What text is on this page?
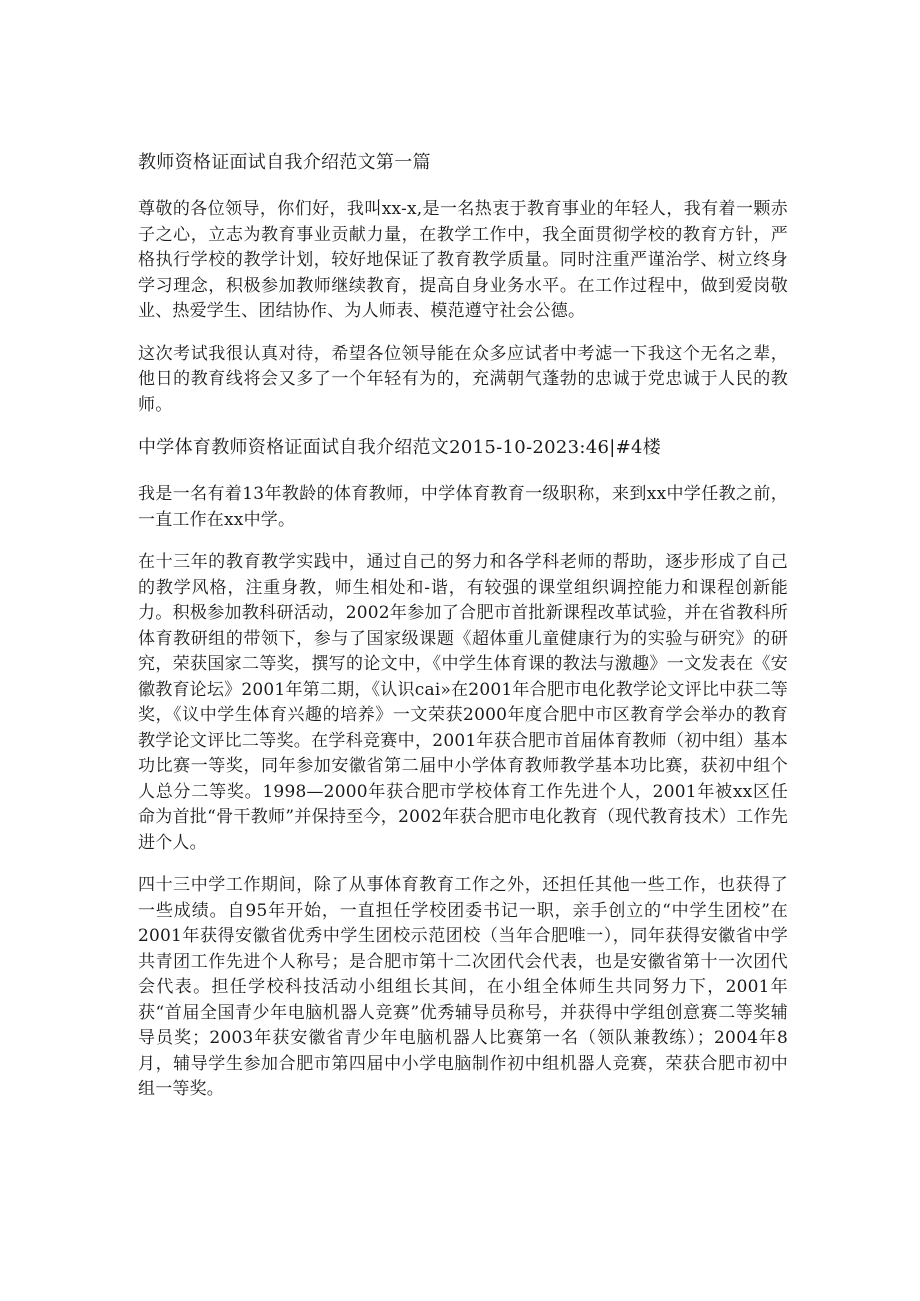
教师资格证面试自我介绍范文第一篇

尊敬的各位领导，你们好，我叫xx-x,是一名热衷于教育事业的年轻人，我有着一颗赤子之心，立志为教育事业贡献力量，在教学工作中，我全面贯彻学校的教育方针，严格执行学校的教学计划，较好地保证了教育教学质量。同时注重严谨治学、树立终身学习理念，积极参加教师继续教育，提高自身业务水平。在工作过程中，做到爱岗敬业、热爱学生、团结协作、为人师表、模范遵守社会公德。

这次考试我很认真对待，希望各位领导能在众多应试者中考滤一下我这个无名之辈，他日的教育线将会又多了一个年轻有为的，充满朝气蓬勃的忠诚于党忠诚于人民的教师。

中学体育教师资格证面试自我介绍范文2015-10-2023:46|#4楼

我是一名有着13年教龄的体育教师，中学体育教育一级职称，来到xx中学任教之前，一直工作在xx中学。

在十三年的教育教学实践中，通过自己的努力和各学科老师的帮助，逐步形成了自己的教学风格，注重身教，师生相处和-谐，有较强的课堂组织调控能力和课程创新能力。积极参加教科研活动，2002年参加了合肥市首批新课程改革试验，并在省教科所体育教研组的带领下，参与了国家级课题《超体重儿童健康行为的实验与研究》的研究，荣获国家二等奖，撰写的论文中，《中学生体育课的教法与激趣》一文发表在《安徽教育论坛》2001年第二期，《认识cai»在2001年合肥市电化教学论文评比中获二等奖，《议中学生体育兴趣的培养》一文荣获2000年度合肥中市区教育学会举办的教育教学论文评比二等奖。在学科竞赛中，2001年获合肥市首届体育教师（初中组）基本功比赛一等奖，同年参加安徽省第二届中小学体育教师教学基本功比赛，获初中组个人总分二等奖。1998—2000年获合肥市学校体育工作先进个人，2001年被xx区任命为首批“骨干教师”并保持至今，2002年获合肥市电化教育（现代教育技术）工作先进个人。

四十三中学工作期间，除了从事体育教育工作之外，还担任其他一些工作，也获得了一些成绩。自95年开始，一直担任学校团委书记一职，亲手创立的“中学生团校”在2001年获得安徽省优秀中学生团校示范团校（当年合肥唯一），同年获得安徽省中学共青团工作先进个人称号；是合肥市第十二次团代会代表，也是安徽省第十一次团代会代表。担任学校科技活动小组组长其间，在小组全体师生共同努力下，2001年获“首届全国青少年电脑机器人竞赛”优秀辅导员称号，并获得中学组创意赛二等奖辅导员奖；2003年获安徽省青少年电脑机器人比赛第一名（领队兼教练）；2004年8月，辅导学生参加合肥市第四届中小学电脑制作初中组机器人竞赛，荣获合肥市初中组一等奖。
